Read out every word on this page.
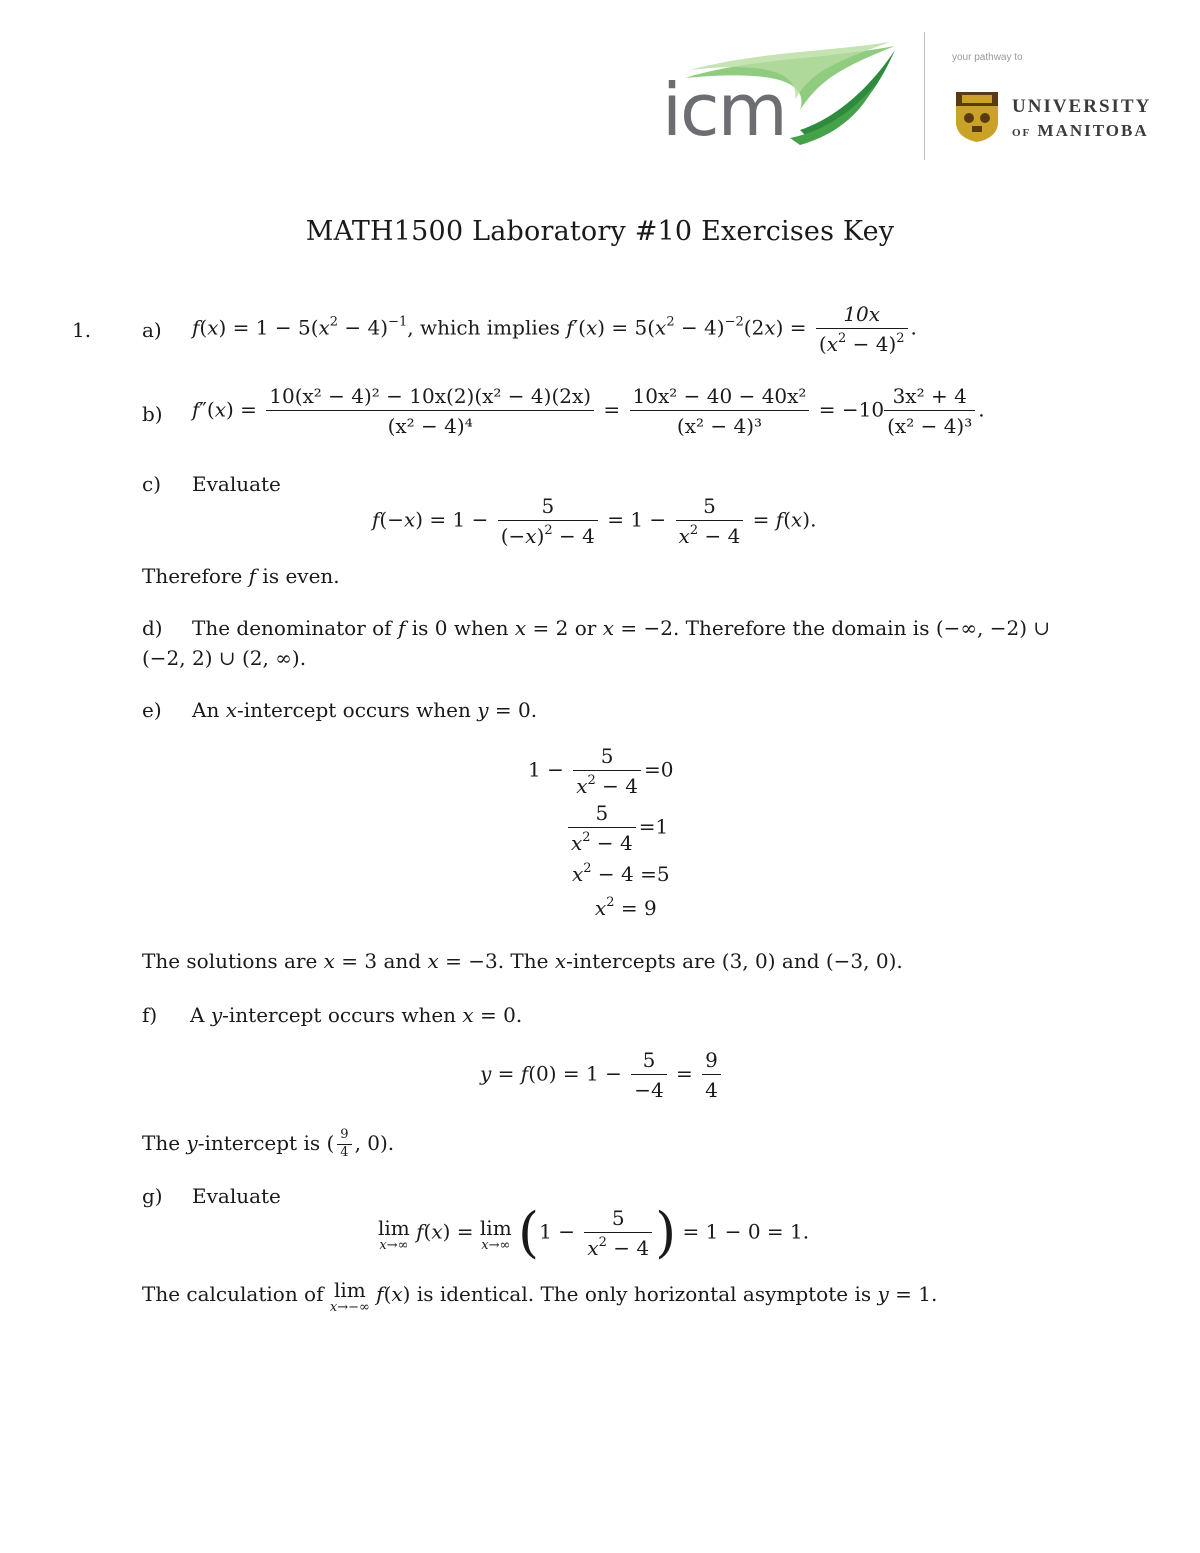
icm
your pathway to
UNIVERSITY
OF MANITOBA
MATH1500 Laboratory #10 Exercises Key
1.	a) $f(x) = 1 - 5(x^2 - 4)^{-1}$, which implies $f'(x) = 5(x^2 - 4)^{-2}(2x) = \frac{10x}{(x^2 - 4)^2}$ .
b) $f''(x) = \frac{\text{10(x² − 4)² − 10x(2)(x² − 4)(2x)}}{\text{(x² − 4)⁴}} = \frac{\text{10x² − 40 − 40x²}}{\text{(x² − 4)³}} = -10 \frac{\text{3x² + 4}}{\text{(x² − 4)³}}$ .
c) Evaluate
$f(-x) = 1 - \frac{5}{(-x)^2 - 4} = 1 - \frac{5}{x^2 - 4} = f(x)$.
Therefore f is even.
d) The denominator of f is 0 when x = 2 or x = −2. Therefore the domain is (−∞, −2) ∪
(−2, 2) ∪ (2, ∞).
e) An x-intercept occurs when y = 0.
$1 - \frac{5}{x^2 - 4} =0$
$\frac{5}{x^2 - 4} =1$
$x^2 - 4 =5$
$x^2 = 9$
The solutions are x = 3 and x = −3. The x-intercepts are (3, 0) and (−3, 0).
f) A y-intercept occurs when x = 0.
$y = f(0) = 1 - \frac{5}{-4} = \frac{9}{4}$
The y-intercept is ( $\frac{9}{4}$ , 0).
g) Evaluate
lim
x→∞
f(x) = lim
x→∞ ($1 - \frac{5}{x^2 - 4}$ ) = 1 − 0 = 1.
The calculation of lim
x→−∞
f(x) is identical. The only horizontal asymptote is y = 1.
